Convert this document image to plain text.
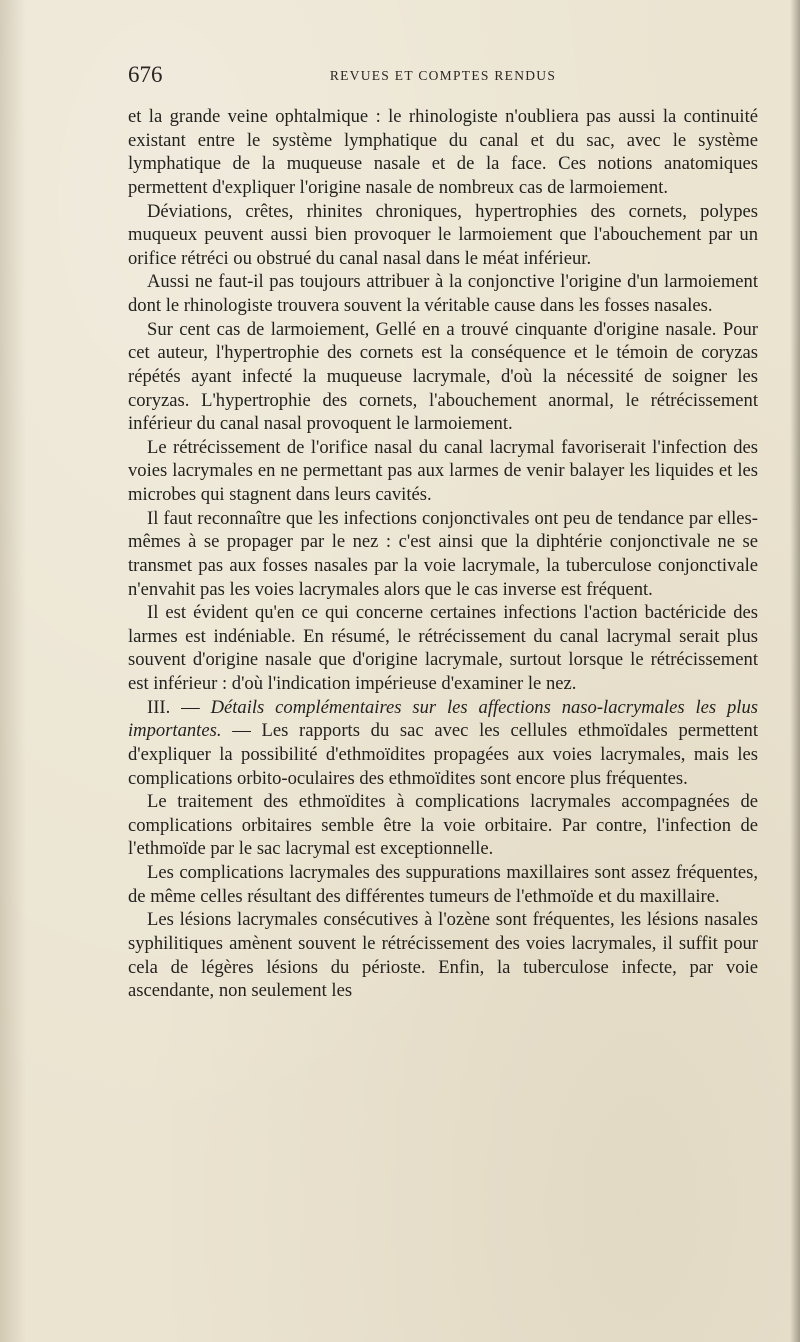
676	REVUES ET COMPTES RENDUS

et la grande veine ophtalmique : le rhinologiste n'oubliera pas aussi la continuité existant entre le système lymphatique du canal et du sac, avec le système lymphatique de la muqueuse nasale et de la face. Ces notions anatomiques permettent d'expliquer l'origine nasale de nombreux cas de larmoiement.

Déviations, crêtes, rhinites chroniques, hypertrophies des cornets, polypes muqueux peuvent aussi bien provoquer le larmoiement que l'abouchement par un orifice rétréci ou obstrué du canal nasal dans le méat inférieur.

Aussi ne faut-il pas toujours attribuer à la conjonctive l'origine d'un larmoiement dont le rhinologiste trouvera souvent la véritable cause dans les fosses nasales.

Sur cent cas de larmoiement, Gellé en a trouvé cinquante d'origine nasale. Pour cet auteur, l'hypertrophie des cornets est la conséquence et le témoin de coryzas répétés ayant infecté la muqueuse lacrymale, d'où la nécessité de soigner les coryzas. L'hypertrophie des cornets, l'abouchement anormal, le rétrécissement inférieur du canal nasal provoquent le larmoiement.

Le rétrécissement de l'orifice nasal du canal lacrymal favoriserait l'infection des voies lacrymales en ne permettant pas aux larmes de venir balayer les liquides et les microbes qui stagnent dans leurs cavités.

Il faut reconnaître que les infections conjonctivales ont peu de tendance par elles-mêmes à se propager par le nez : c'est ainsi que la diphtérie conjonctivale ne se transmet pas aux fosses nasales par la voie lacrymale, la tuberculose conjonctivale n'envahit pas les voies lacrymales alors que le cas inverse est fréquent.

Il est évident qu'en ce qui concerne certaines infections l'action bactéricide des larmes est indéniable. En résumé, le rétrécissement du canal lacrymal serait plus souvent d'origine nasale que d'origine lacrymale, surtout lorsque le rétrécissement est inférieur : d'où l'indication impérieuse d'examiner le nez.

III. — Détails complémentaires sur les affections naso-lacrymales les plus importantes. — Les rapports du sac avec les cellules ethmoïdales permettent d'expliquer la possibilité d'ethmoïdites propagées aux voies lacrymales, mais les complications orbito-oculaires des ethmoïdites sont encore plus fréquentes.

Le traitement des ethmoïdites à complications lacrymales accompagnées de complications orbitaires semble être la voie orbitaire. Par contre, l'infection de l'ethmoïde par le sac lacrymal est exceptionnelle.

Les complications lacrymales des suppurations maxillaires sont assez fréquentes, de même celles résultant des différentes tumeurs de l'ethmoïde et du maxillaire.

Les lésions lacrymales consécutives à l'ozène sont fréquentes, les lésions nasales syphilitiques amènent souvent le rétrécissement des voies lacrymales, il suffit pour cela de légères lésions du périoste. Enfin, la tuberculose infecte, par voie ascendante, non seulement les
